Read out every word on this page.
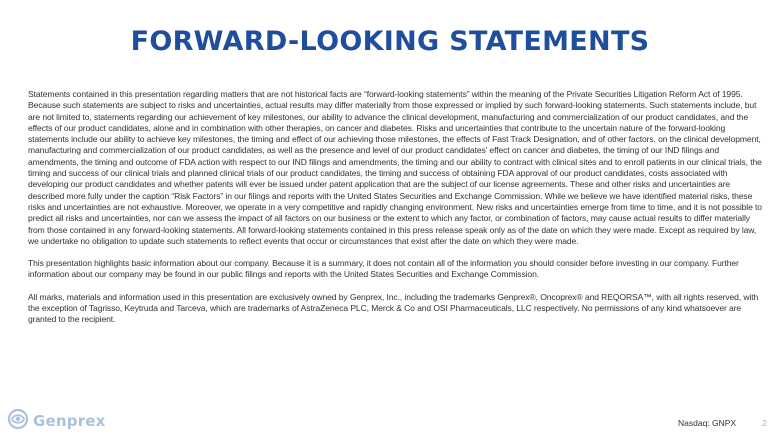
FORWARD-LOOKING STATEMENTS

Statements contained in this presentation regarding matters that are not historical facts are “forward-looking statements” within the meaning of the Private Securities Litigation Reform Act of 1995. Because such statements are subject to risks and uncertainties, actual results may differ materially from those expressed or implied by such forward-looking statements. Such statements include, but are not limited to, statements regarding our achievement of key milestones, our ability to advance the clinical development, manufacturing and commercialization of our product candidates, and the effects of our product candidates, alone and in combination with other therapies, on cancer and diabetes. Risks and uncertainties that contribute to the uncertain nature of the forward-looking statements include our ability to achieve key milestones, the timing and effect of our achieving those milestones, the effects of Fast Track Designation, and of other factors, on the clinical development, manufacturing and commercialization of our product candidates, as well as the presence and level of our product candidates’ effect on cancer and diabetes, the timing of our IND filings and amendments, the timing and outcome of FDA action with respect to our IND filings and amendments, the timing and our ability to contract with clinical sites and to enroll patients in our clinical trials, the timing and success of our clinical trials and planned clinical trials of our product candidates, the timing and success of obtaining FDA approval of our product candidates, costs associated with developing our product candidates and whether patents will ever be issued under patent application that are the subject of our license agreements. These and other risks and uncertainties are described more fully under the caption “Risk Factors” in our filings and reports with the United States Securities and Exchange Commission. While we believe we have identified material risks, these risks and uncertainties are not exhaustive. Moreover, we operate in a very competitive and rapidly changing environment. New risks and uncertainties emerge from time to time, and it is not possible to predict all risks and uncertainties, nor can we assess the impact of all factors on our business or the extent to which any factor, or combination of factors, may cause actual results to differ materially from those contained in any forward-looking statements. All forward-looking statements contained in this press release speak only as of the date on which they were made. Except as required by law, we undertake no obligation to update such statements to reflect events that occur or circumstances that exist after the date on which they were made.

This presentation highlights basic information about our company. Because it is a summary, it does not contain all of the information you should consider before investing in our company. Further information about our company may be found in our public filings and reports with the United States Securities and Exchange Commission.

All marks, materials and information used in this presentation are exclusively owned by Genprex, Inc., including the trademarks Genprex®, Oncoprex® and REQORSA™, with all rights reserved, with the exception of Tagrisso, Keytruda and Tarceva, which are trademarks of AstraZeneca PLC, Merck & Co and OSI Pharmaceuticals, LLC respectively. No permissions of any kind whatsoever are granted to the recipient.

Genprex	Nasdaq: GNPX	2
